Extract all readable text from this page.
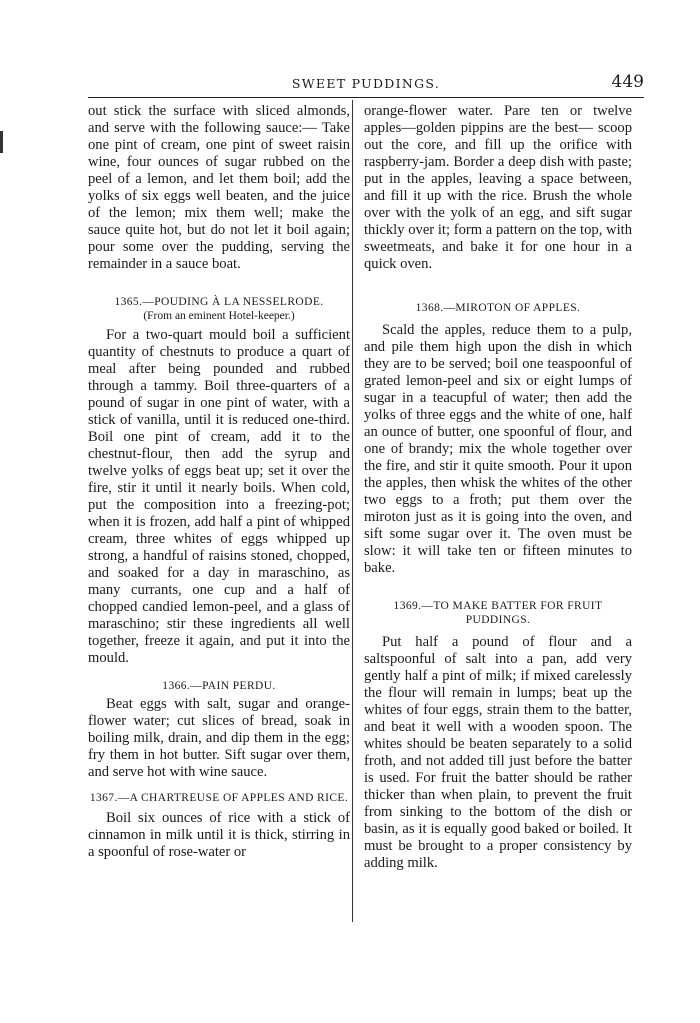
SWEET PUDDINGS.	449

out stick the surface with sliced almonds, and serve with the following sauce:— Take one pint of cream, one pint of sweet raisin wine, four ounces of sugar rubbed on the peel of a lemon, and let them boil; add the yolks of six eggs well beaten, and the juice of the lemon; mix them well; make the sauce quite hot, but do not let it boil again; pour some over the pudding, serving the remainder in a sauce boat.

1365.—POUDING À LA NESSELRODE.
(From an eminent Hotel-keeper.)

For a two-quart mould boil a sufficient quantity of chestnuts to produce a quart of meal after being pounded and rubbed through a tammy. Boil three-quarters of a pound of sugar in one pint of water, with a stick of vanilla, until it is reduced one-third. Boil one pint of cream, add it to the chestnut-flour, then add the syrup and twelve yolks of eggs beat up; set it over the fire, stir it until it nearly boils. When cold, put the composition into a freezing-pot; when it is frozen, add half a pint of whipped cream, three whites of eggs whipped up strong, a handful of raisins stoned, chopped, and soaked for a day in maraschino, as many currants, one cup and a half of chopped candied lemon-peel, and a glass of maraschino; stir these ingredients all well together, freeze it again, and put it into the mould.

1366.—PAIN PERDU.

Beat eggs with salt, sugar and orange-flower water; cut slices of bread, soak in boiling milk, drain, and dip them in the egg; fry them in hot butter. Sift sugar over them, and serve hot with wine sauce.

1367.—A CHARTREUSE OF APPLES AND RICE.

Boil six ounces of rice with a stick of cinnamon in milk until it is thick, stirring in a spoonful of rose-water or

orange-flower water. Pare ten or twelve apples—golden pippins are the best— scoop out the core, and fill up the orifice with raspberry-jam. Border a deep dish with paste; put in the apples, leaving a space between, and fill it up with the rice. Brush the whole over with the yolk of an egg, and sift sugar thickly over it; form a pattern on the top, with sweetmeats, and bake it for one hour in a quick oven.

1368.—MIROTON OF APPLES.

Scald the apples, reduce them to a pulp, and pile them high upon the dish in which they are to be served; boil one teaspoonful of grated lemon-peel and six or eight lumps of sugar in a teacupful of water; then add the yolks of three eggs and the white of one, half an ounce of butter, one spoonful of flour, and one of brandy; mix the whole together over the fire, and stir it quite smooth. Pour it upon the apples, then whisk the whites of the other two eggs to a froth; put them over the miroton just as it is going into the oven, and sift some sugar over it. The oven must be slow: it will take ten or fifteen minutes to bake.

1369.—TO MAKE BATTER FOR FRUIT PUDDINGS.

Put half a pound of flour and a saltspoonful of salt into a pan, add very gently half a pint of milk; if mixed carelessly the flour will remain in lumps; beat up the whites of four eggs, strain them to the batter, and beat it well with a wooden spoon. The whites should be beaten separately to a solid froth, and not added till just before the batter is used. For fruit the batter should be rather thicker than when plain, to prevent the fruit from sinking to the bottom of the dish or basin, as it is equally good baked or boiled. It must be brought to a proper consistency by adding milk.
